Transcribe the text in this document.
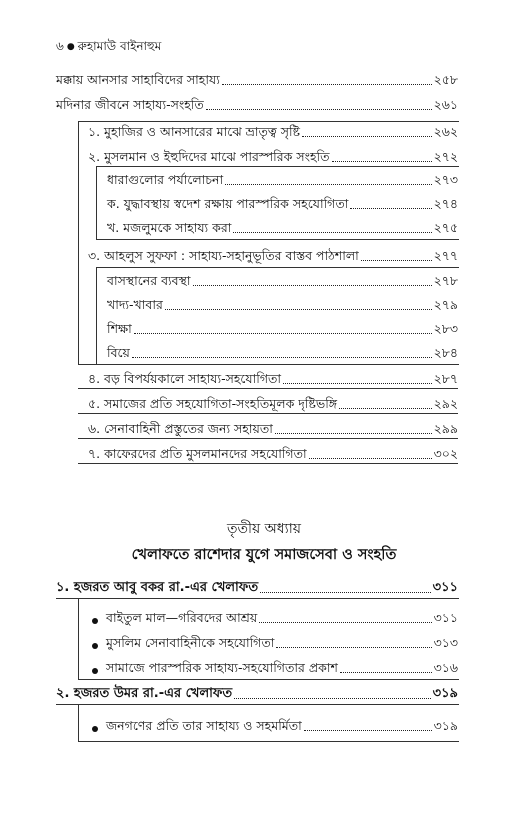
৬ ● রুহামাউ বাইনাহুম
মক্কায় আনসার সাহাবিদের সাহায্য	২৫৮
মদিনার জীবনে সাহায্য-সংহতি	২৬১
১. মুহাজির ও আনসারের মাঝে ভ্রাতৃত্ব সৃষ্টি	২৬২
২. মুসলমান ও ইহুদিদের মাঝে পারস্পরিক সংহতি	২৭২
ধারাগুলোর পর্যালোচনা	২৭৩
ক. যুদ্ধাবস্থায় স্বদেশ রক্ষায় পারস্পরিক সহযোগিতা	২৭৪
খ. মজলুমকে সাহায্য করা	২৭৫
৩. আহলুস সুফফা : সাহায্য-সহানুভূতির বাস্তব পাঠশালা	২৭৭
বাসস্থানের ব্যবস্থা	২৭৮
খাদ্য-খাবার	২৭৯
শিক্ষা	২৮৩
বিয়ে	২৮৪
৪. বড় বিপর্যয়কালে সাহায্য-সহযোগিতা	২৮৭
৫. সমাজের প্রতি সহযোগিতা-সংহতিমূলক দৃষ্টিভঙ্গি	২৯২
৬. সেনাবাহিনী প্রস্তুতের জন্য সহায়তা	২৯৯
৭. কাফেরদের প্রতি মুসলমানদের সহযোগিতা	৩০২
তৃতীয় অধ্যায়
খেলাফতে রাশেদার যুগে সমাজসেবা ও সংহতি
১. হজরত আবু বকর রা.-এর খেলাফত	৩১১
বাইতুল মাল—গরিবদের আশ্রয়	৩১১
মুসলিম সেনাবাহিনীকে সহযোগিতা	৩১৩
সামাজে পারস্পরিক সাহায্য-সহযোগিতার প্রকাশ	৩১৬
২. হজরত উমর রা.-এর খেলাফত	৩১৯
জনগণের প্রতি তার সাহায্য ও সহমর্মিতা	৩১৯
